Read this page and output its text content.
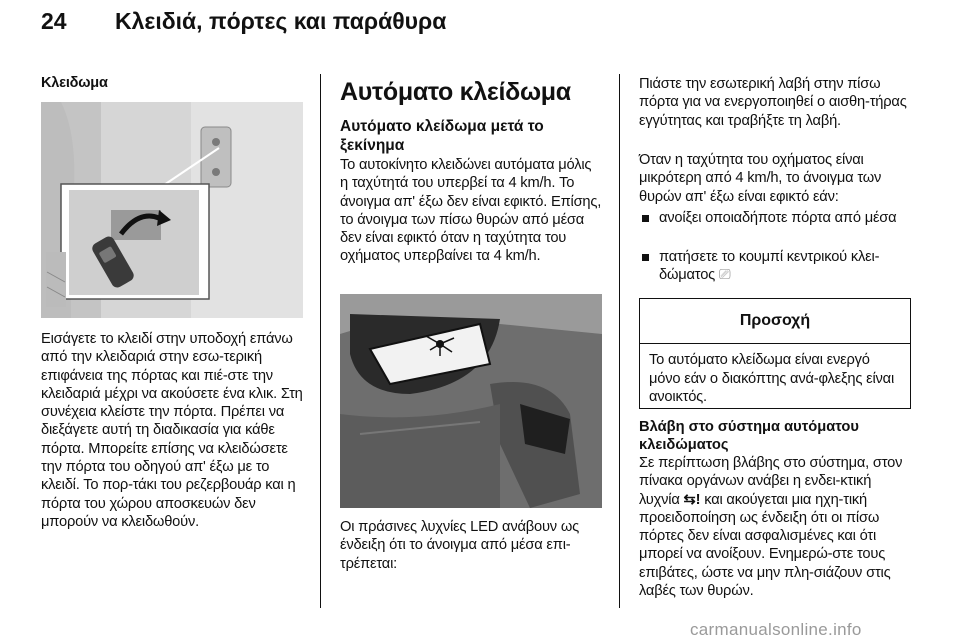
24 Κλειδιά, πόρτες και παράθυρα
Κλειδωμα
Εισάγετε το κλειδί στην υποδοχή επάνω από την κλειδαριά στην εσω-τερική επιφάνεια της πόρτας και πιέ-στε την κλειδαριά μέχρι να ακούσετε ένα κλικ. Στη συνέχεια κλείστε την πόρτα. Πρέπει να διεξάγετε αυτή τη διαδικασία για κάθε πόρτα. Μπορείτε επίσης να κλειδώσετε την πόρτα του οδηγού απ' έξω με το κλειδί. Το πορ-τάκι του ρεζερβουάρ και η πόρτα του χώρου αποσκευών δεν μπορούν να κλειδωθούν.
Αυτόματο κλείδωμα
Αυτόματο κλείδωμα μετά το ξεκίνημα
Το αυτοκίνητο κλειδώνει αυτόματα μόλις η ταχύτητά του υπερβεί τα 4 km/h. Το άνοιγμα απ' έξω δεν είναι εφικτό. Επίσης, το άνοιγμα των πίσω θυρών από μέσα δεν είναι εφικτό όταν η ταχύτητα του οχήματος υπερβαίνει τα 4 km/h.
Οι πράσινες λυχνίες LED ανάβουν ως ένδειξη ότι το άνοιγμα από μέσα επι-τρέπεται:
Πιάστε την εσωτερική λαβή στην πίσω πόρτα για να ενεργοποιηθεί ο αισθη-τήρας εγγύτητας και τραβήξτε τη λαβή.
Όταν η ταχύτητα του οχήματος είναι μικρότερη από 4 km/h, το άνοιγμα των θυρών απ' έξω είναι εφικτό εάν:
ανοίξει οποιαδήποτε πόρτα από μέσα
πατήσετε το κουμπί κεντρικού κλει-δώματος ⎚
Προσοχή
Το αυτόματο κλείδωμα είναι ενεργό μόνο εάν ο διακόπτης ανά-φλεξης είναι ανοικτός.
Βλάβη στο σύστημα αυτόματου κλειδώματος
Σε περίπτωση βλάβης στο σύστημα, στον πίνακα οργάνων ανάβει η ενδει-κτική λυχνία ⇆! και ακούγεται μια ηχη-τική προειδοποίηση ως ένδειξη ότι οι πίσω πόρτες δεν είναι ασφαλισμένες και ότι μπορεί να ανοίξουν. Ενημερώ-στε τους επιβάτες, ώστε να μην πλη-σιάζουν στις λαβές των θυρών.
carmanualsonline.info
